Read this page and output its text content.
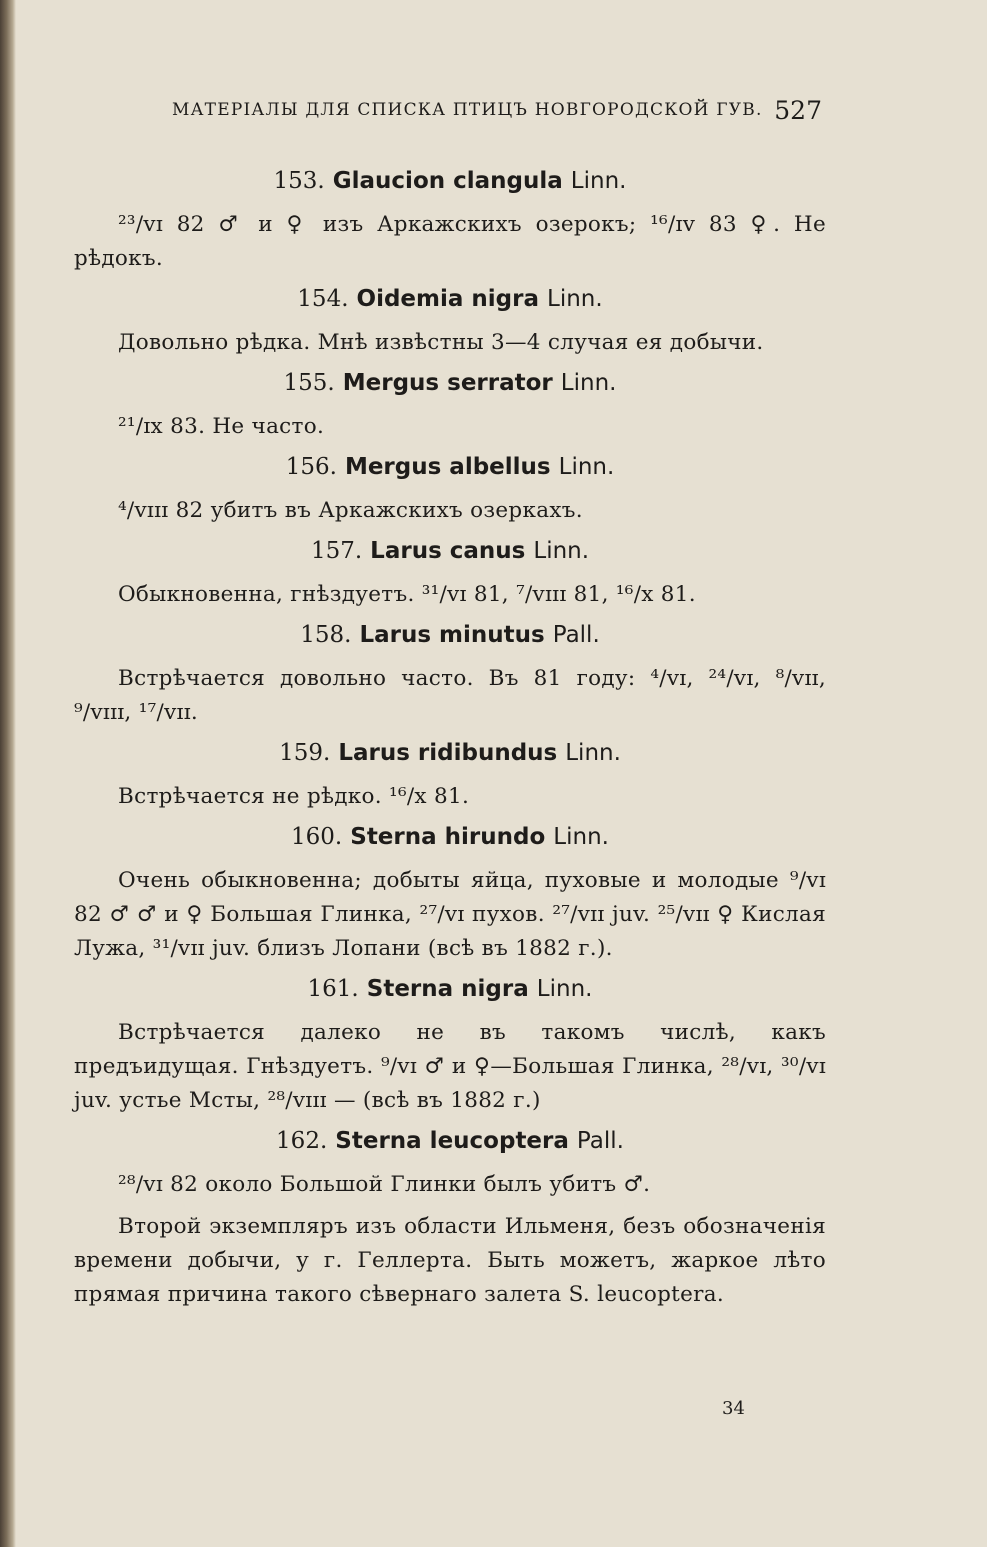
МАТЕРІАЛЫ ДЛЯ СПИСКА ПТИЦЪ НОВГОРОДСКОЙ ГУВ. 527
153. Glaucion clangula Linn.

²³/vɪ 82 ♂ и ♀ изъ Аркажскихъ озерокъ; ¹⁶/ɪv 83 ♀. Не рѣдокъ.

154. Oidemia nigra Linn.

Довольно рѣдка. Мнѣ извѣстны 3—4 случая ея добычи.

155. Mergus serrator Linn.

²¹/ɪx 83. Не часто.

156. Mergus albellus Linn.

⁴/vɪɪɪ 82 убитъ въ Аркажскихъ озеркахъ.

157. Larus canus Linn.

Обыкновенна, гнѣздуетъ. ³¹/vɪ 81, ⁷/vɪɪɪ 81, ¹⁶/x 81.

158. Larus minutus Pall.

Встрѣчается довольно часто. Въ 81 году: ⁴/vɪ, ²⁴/vɪ, ⁸/vɪɪ, ⁹/vɪɪɪ, ¹⁷/vɪɪ.

159. Larus ridibundus Linn.

Встрѣчается не рѣдко. ¹⁶/x 81.

160. Sterna hirundo Linn.

Очень обыкновенна; добыты яйца, пуховые и молодые ⁹/vɪ 82 ♂ ♂ и ♀ Большая Глинка, ²⁷/vɪ пухов. ²⁷/vɪɪ juv. ²⁵/vɪɪ ♀ Кислая Лужа, ³¹/vɪɪ juv. близъ Лопани (всѣ въ 1882 г.).

161. Sterna nigra Linn.

Встрѣчается далеко не въ такомъ числѣ, какъ предъидущая. Гнѣздуетъ. ⁹/vɪ ♂ и ♀—Большая Глинка, ²⁸/vɪ, ³⁰/vɪ juv. устье Мсты, ²⁸/vɪɪɪ — (всѣ въ 1882 г.)

162. Sterna leucoptera Pall.

²⁸/vɪ 82 около Большой Глинки былъ убитъ ♂.

Второй экземпляръ изъ области Ильменя, безъ обозначенія времени добычи, у г. Геллерта. Быть можетъ, жаркое лѣто прямая причина такого сѣвернаго залета S. leucoptera.

34
